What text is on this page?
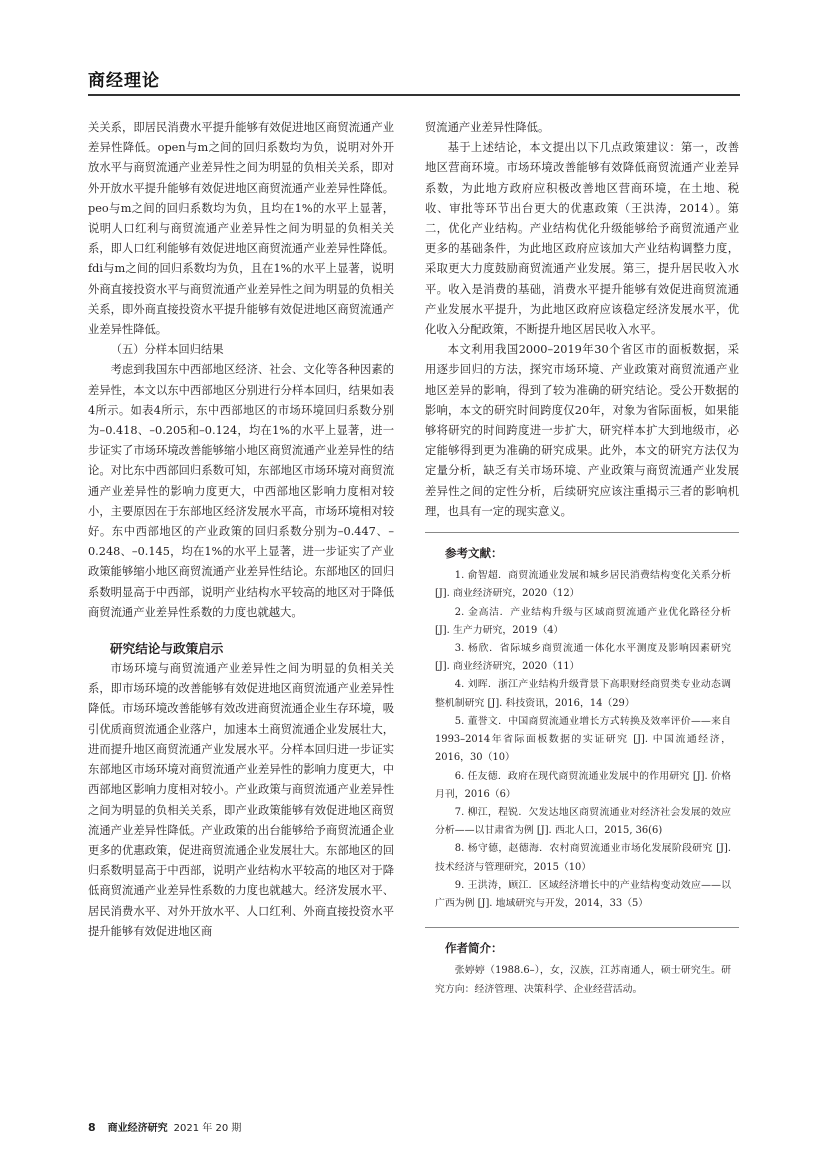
商经理论

关关系，即居民消费水平提升能够有效促进地区商贸流通产业差异性降低。open与m之间的回归系数均为负，说明对外开放水平与商贸流通产业差异性之间为明显的负相关关系，即对外开放水平提升能够有效促进地区商贸流通产业差异性降低。peo与m之间的回归系数均为负，且均在1%的水平上显著，说明人口红利与商贸流通产业差异性之间为明显的负相关关系，即人口红利能够有效促进地区商贸流通产业差异性降低。fdi与m之间的回归系数均为负，且在1%的水平上显著，说明外商直接投资水平与商贸流通产业差异性之间为明显的负相关关系，即外商直接投资水平提升能够有效促进地区商贸流通产业差异性降低。

（五）分样本回归结果

考虑到我国东中西部地区经济、社会、文化等各种因素的差异性，本文以东中西部地区分别进行分样本回归，结果如表4所示。如表4所示，东中西部地区的市场环境回归系数分别为–0.418、–0.205和–0.124，均在1%的水平上显著，进一步证实了市场环境改善能够缩小地区商贸流通产业差异性的结论。对比东中西部回归系数可知，东部地区市场环境对商贸流通产业差异性的影响力度更大，中西部地区影响力度相对较小，主要原因在于东部地区经济发展水平高，市场环境相对较好。东中西部地区的产业政策的回归系数分别为–0.447、–0.248、–0.145，均在1%的水平上显著，进一步证实了产业政策能够缩小地区商贸流通产业差异性结论。东部地区的回归系数明显高于中西部，说明产业结构水平较高的地区对于降低商贸流通产业差异性系数的力度也就越大。

研究结论与政策启示

市场环境与商贸流通产业差异性之间为明显的负相关关系，即市场环境的改善能够有效促进地区商贸流通产业差异性降低。市场环境改善能够有效改进商贸流通企业生存环境，吸引优质商贸流通企业落户，加速本土商贸流通企业发展壮大，进而提升地区商贸流通产业发展水平。分样本回归进一步证实东部地区市场环境对商贸流通产业差异性的影响力度更大，中西部地区影响力度相对较小。产业政策与商贸流通产业差异性之间为明显的负相关关系，即产业政策能够有效促进地区商贸流通产业差异性降低。产业政策的出台能够给予商贸流通企业更多的优惠政策，促进商贸流通企业发展壮大。东部地区的回归系数明显高于中西部，说明产业结构水平较高的地区对于降低商贸流通产业差异性系数的力度也就越大。经济发展水平、居民消费水平、对外开放水平、人口红利、外商直接投资水平提升能够有效促进地区商

贸流通产业差异性降低。

基于上述结论，本文提出以下几点政策建议：第一，改善地区营商环境。市场环境改善能够有效降低商贸流通产业差异系数，为此地方政府应积极改善地区营商环境，在土地、税收、审批等环节出台更大的优惠政策（王洪涛，2014）。第二，优化产业结构。产业结构优化升级能够给予商贸流通产业更多的基础条件，为此地区政府应该加大产业结构调整力度，采取更大力度鼓励商贸流通产业发展。第三，提升居民收入水平。收入是消费的基础，消费水平提升能够有效促进商贸流通产业发展水平提升，为此地区政府应该稳定经济发展水平，优化收入分配政策，不断提升地区居民收入水平。

本文利用我国2000–2019年30个省区市的面板数据，采用逐步回归的方法，探究市场环境、产业政策对商贸流通产业地区差异的影响，得到了较为准确的研究结论。受公开数据的影响，本文的研究时间跨度仅20年，对象为省际面板，如果能够将研究的时间跨度进一步扩大，研究样本扩大到地级市，必定能够得到更为准确的研究成果。此外，本文的研究方法仅为定量分析，缺乏有关市场环境、产业政策与商贸流通产业发展差异性之间的定性分析，后续研究应该注重揭示三者的影响机理，也具有一定的现实意义。

参考文献：

1. 俞智超．商贸流通业发展和城乡居民消费结构变化关系分析 [J]. 商业经济研究，2020（12）

2. 金高洁．产业结构升级与区域商贸流通产业优化路径分析 [J]. 生产力研究，2019（4）

3. 杨欣．省际城乡商贸流通一体化水平测度及影响因素研究 [J]. 商业经济研究，2020（11）

4. 刘晖．浙江产业结构升级背景下高职财经商贸类专业动态调整机制研究 [J]. 科技资讯，2016，14（29）

5. 董誉文．中国商贸流通业增长方式转换及效率评价——来自1993–2014年省际面板数据的实证研究 [J]. 中国流通经济，2016，30（10）

6. 任友德．政府在现代商贸流通业发展中的作用研究 [J]. 价格月刊，2016（6）

7. 柳江，程锐．欠发达地区商贸流通业对经济社会发展的效应分析——以甘肃省为例 [J]. 西北人口，2015, 36(6)

8. 杨守德，赵德海．农村商贸流通业市场化发展阶段研究 [J]. 技术经济与管理研究，2015（10）

9. 王洪涛，顾江．区域经济增长中的产业结构变动效应——以广西为例 [J]. 地域研究与开发，2014，33（5）

作者简介：

张婷婷（1988.6–），女，汉族，江苏南通人，硕士研究生。研究方向：经济管理、决策科学、企业经营活动。

8 商业经济研究 2021 年 20 期
